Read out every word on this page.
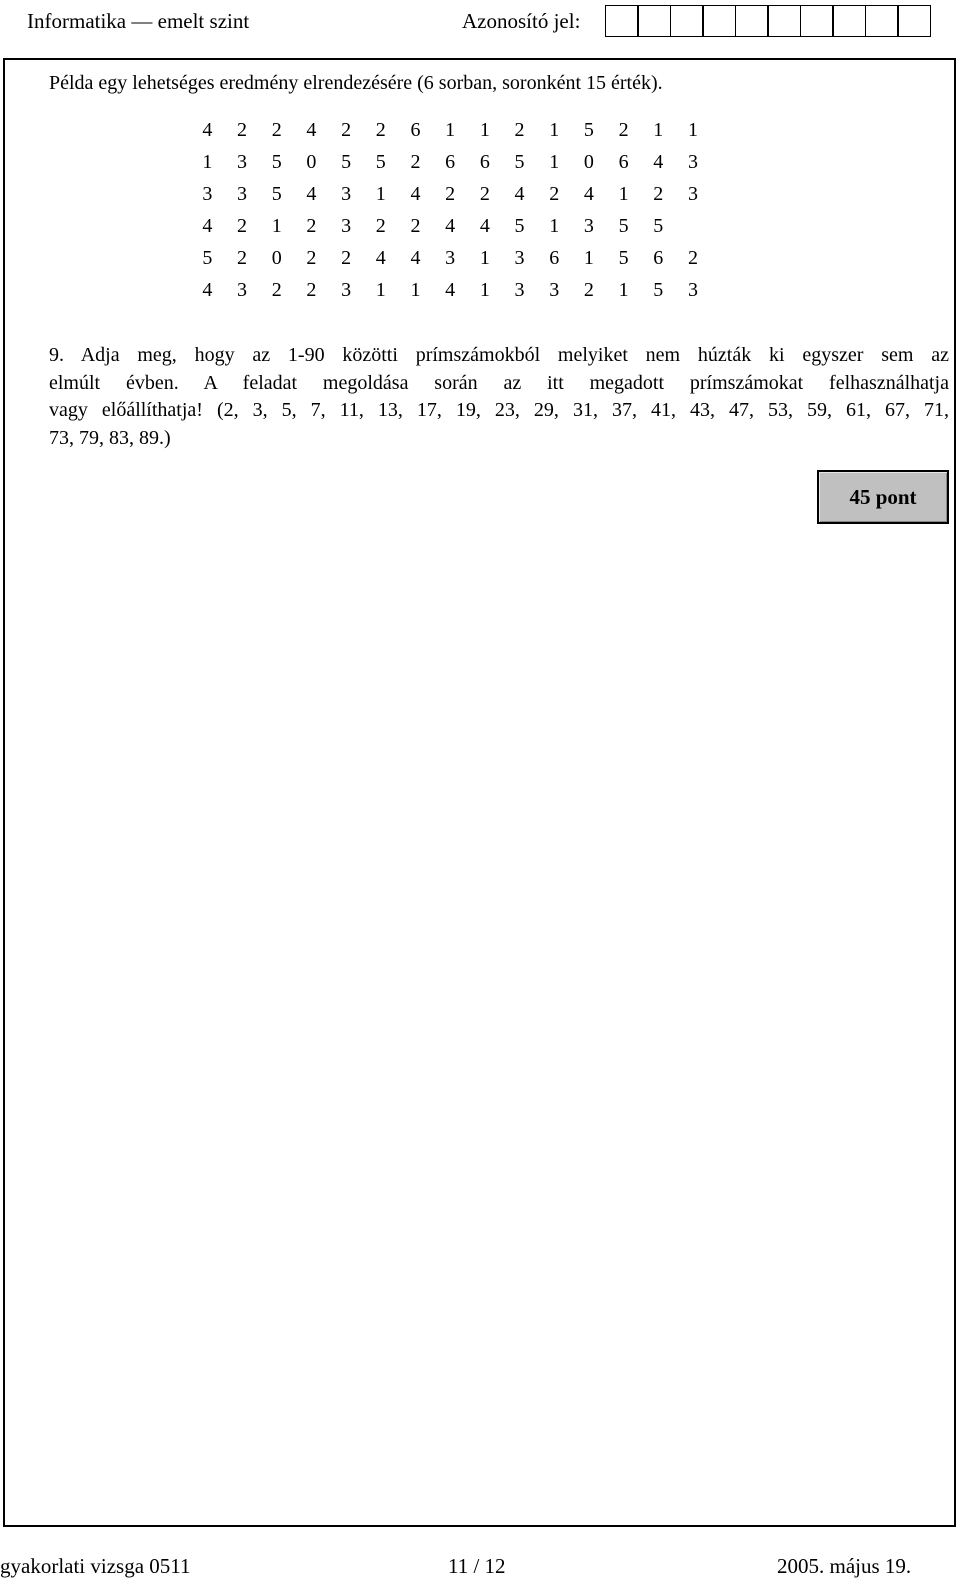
Informatika — emelt szint	Azonosító jel:
Példa egy lehetséges eredmény elrendezésére (6 sorban, soronként 15 érték).
4	2	2	4	2	2	6	1	1	2	1	5	2	1	1
1	3	5	0	5	5	2	6	6	5	1	0	6	4	3
3	3	5	4	3	1	4	2	2	4	2	4	1	2	3
4	2	1	2	3	2	2	4	4	5	1	3	5	5
5	2	0	2	2	4	4	3	1	3	6	1	5	6	2
4	3	2	2	3	1	1	4	1	3	3	2	1	5	3
9. Adja meg, hogy az 1-90 közötti prímszámokból melyiket nem húzták ki egyszer sem az
elmúlt évben. A feladat megoldása során az itt megadott prímszámokat felhasználhatja
vagy előállíthatja! (2, 3, 5, 7, 11, 13, 17, 19, 23, 29, 31, 37, 41, 43, 47, 53, 59, 61, 67, 71,
73, 79, 83, 89.)
45 pont
gyakorlati vizsga 0511	11 / 12	2005. május 19.
